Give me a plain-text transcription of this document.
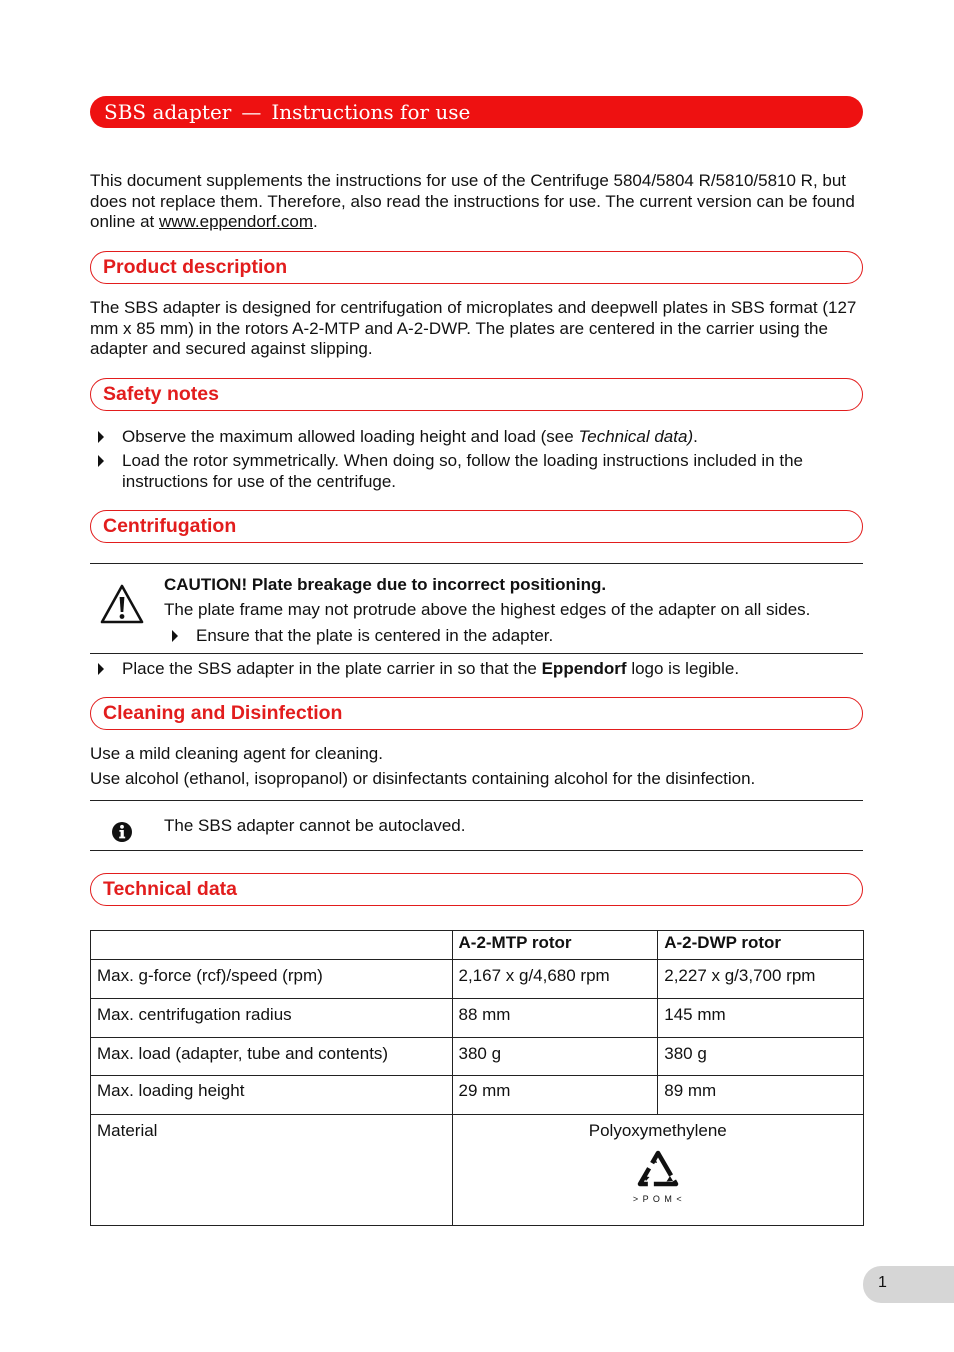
SBS adapter — Instructions for use

This document supplements the instructions for use of the Centrifuge 5804/5804 R/5810/5810 R, but does not replace them. Therefore, also read the instructions for use. The current version can be found online at www.eppendorf.com.

Product description

The SBS adapter is designed for centrifugation of microplates and deepwell plates in SBS format (127 mm x 85 mm) in the rotors A-2-MTP and A-2-DWP. The plates are centered in the carrier using the adapter and secured against slipping.

Safety notes
Observe the maximum allowed loading height and load (see Technical data).
Load the rotor symmetrically. When doing so, follow the loading instructions included in the instructions for use of the centrifuge.
Centrifugation
CAUTION! Plate breakage due to incorrect positioning.
The plate frame may not protrude above the highest edges of the adapter on all sides.
Ensure that the plate is centered in the adapter.
Place the SBS adapter in the plate carrier in so that the Eppendorf logo is legible.
Cleaning and Disinfection
Use a mild cleaning agent for cleaning.
Use alcohol (ethanol, isopropanol) or disinfectants containing alcohol for the disinfection.
The SBS adapter cannot be autoclaved.
Technical data
	A-2-MTP rotor	A-2-DWP rotor
Max. g-force (rcf)/speed (rpm)	2,167 x g/4,680 rpm	2,227 x g/3,700 rpm
Max. centrifugation radius	88 mm	145 mm
Max. load (adapter, tube and contents)	380 g	380 g
Max. loading height	29 mm	89 mm
Material	Polyoxymethylene
> P O M <	
1
